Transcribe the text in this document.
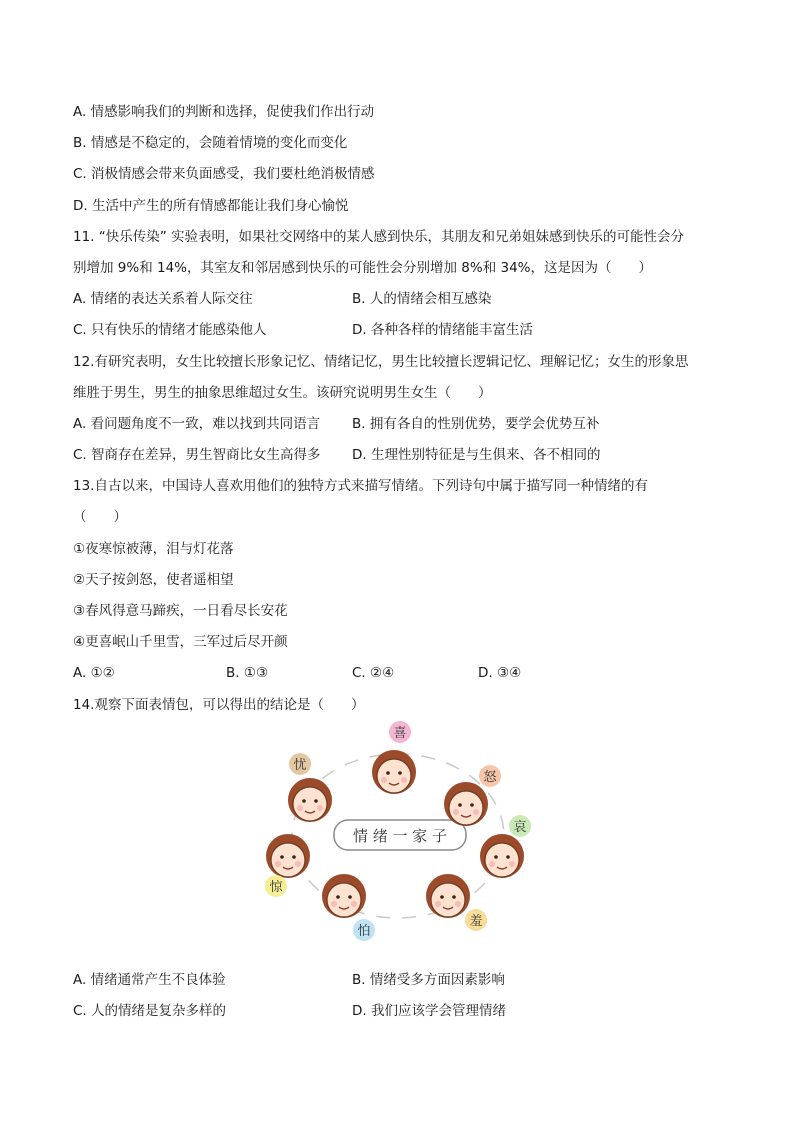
A. 情感影响我们的判断和选择，促使我们作出行动
B. 情感是不稳定的，会随着情境的变化而变化
C. 消极情感会带来负面感受，我们要杜绝消极情感
D. 生活中产生的所有情感都能让我们身心愉悦
11. “快乐传染” 实验表明，如果社交网络中的某人感到快乐，其朋友和兄弟姐妹感到快乐的可能性会分
别增加 9%和 14%，其室友和邻居感到快乐的可能性会分别增加 8%和 34%，这是因为（　　）
A. 情绪的表达关系着人际交往	B. 人的情绪会相互感染
C. 只有快乐的情绪才能感染他人	D. 各种各样的情绪能丰富生活
12.有研究表明，女生比较擅长形象记忆、情绪记忆，男生比较擅长逻辑记忆、理解记忆；女生的形象思
维胜于男生，男生的抽象思维超过女生。该研究说明男生女生（　　）
A. 看问题角度不一致，难以找到共同语言 B. 拥有各自的性别优势，要学会优势互补
C. 智商存在差异，男生智商比女生高得多 D. 生理性别特征是与生俱来、各不相同的
13.自古以来，中国诗人喜欢用他们的独特方式来描写情绪。下列诗句中属于描写同一种情绪的有
（　　）
①夜寒惊被薄，泪与灯花落
②天子按剑怒，使者遥相望
③春风得意马蹄疾，一日看尽长安花
④更喜岷山千里雪，三军过后尽开颜
A. ①②	B. ①③	C. ②④	D. ③④
14.观察下面表情包，可以得出的结论是（　　）
情 绪 一 家 子
喜
怒
哀
羞
怕
惊
忧
A. 情绪通常产生不良体验	B. 情绪受多方面因素影响
C. 人的情绪是复杂多样的	D. 我们应该学会管理情绪
